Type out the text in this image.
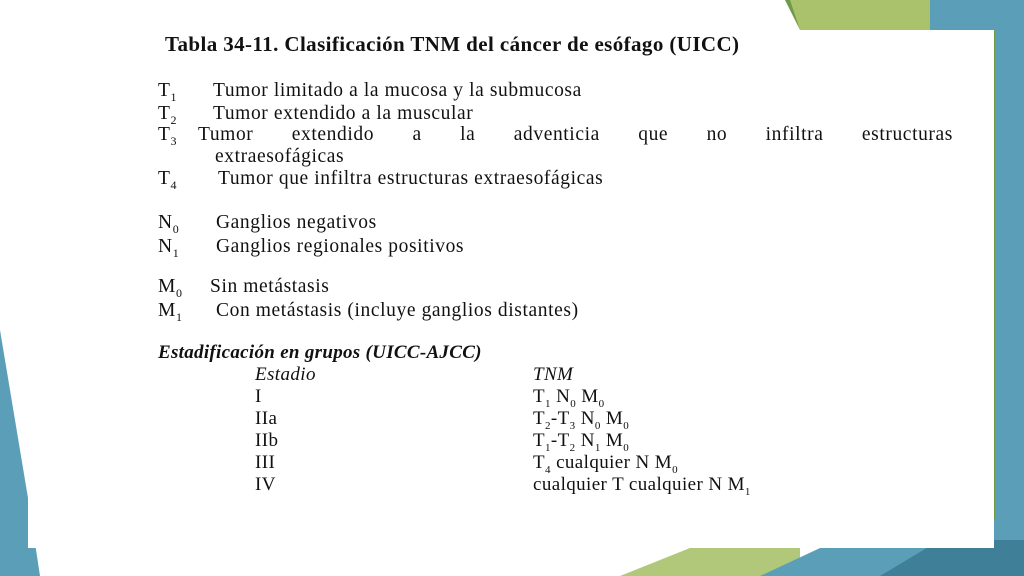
Tabla 34-11. Clasificación TNM del cáncer de esófago (UICC)
$T_1$ Tumor limitado a la mucosa y la submucosa
$T_2$ Tumor extendido a la muscular
$T_3$ Tumor extendido a la adventicia que no infiltra estructuras
extraesofágicas
$T_4$ Tumor que infiltra estructuras extraesofágicas
$N_0$ Ganglios negativos
$N_1$ Ganglios regionales positivos
$M_0$ Sin metástasis
$M_1$ Con metástasis (incluye ganglios distantes)
Estadificación en grupos (UICC-AJCC)
Estadio	TNM
I	$T_1$ $N_0$ $M_0$
IIa	$T_2-T_3$ $N_0$ $M_0$
IIb	$T_1-T_2$ $N_1$ $M_0$
III	$T_4$ cualquier N $M_0$
IV	cualquier T cualquier N $M_1$
